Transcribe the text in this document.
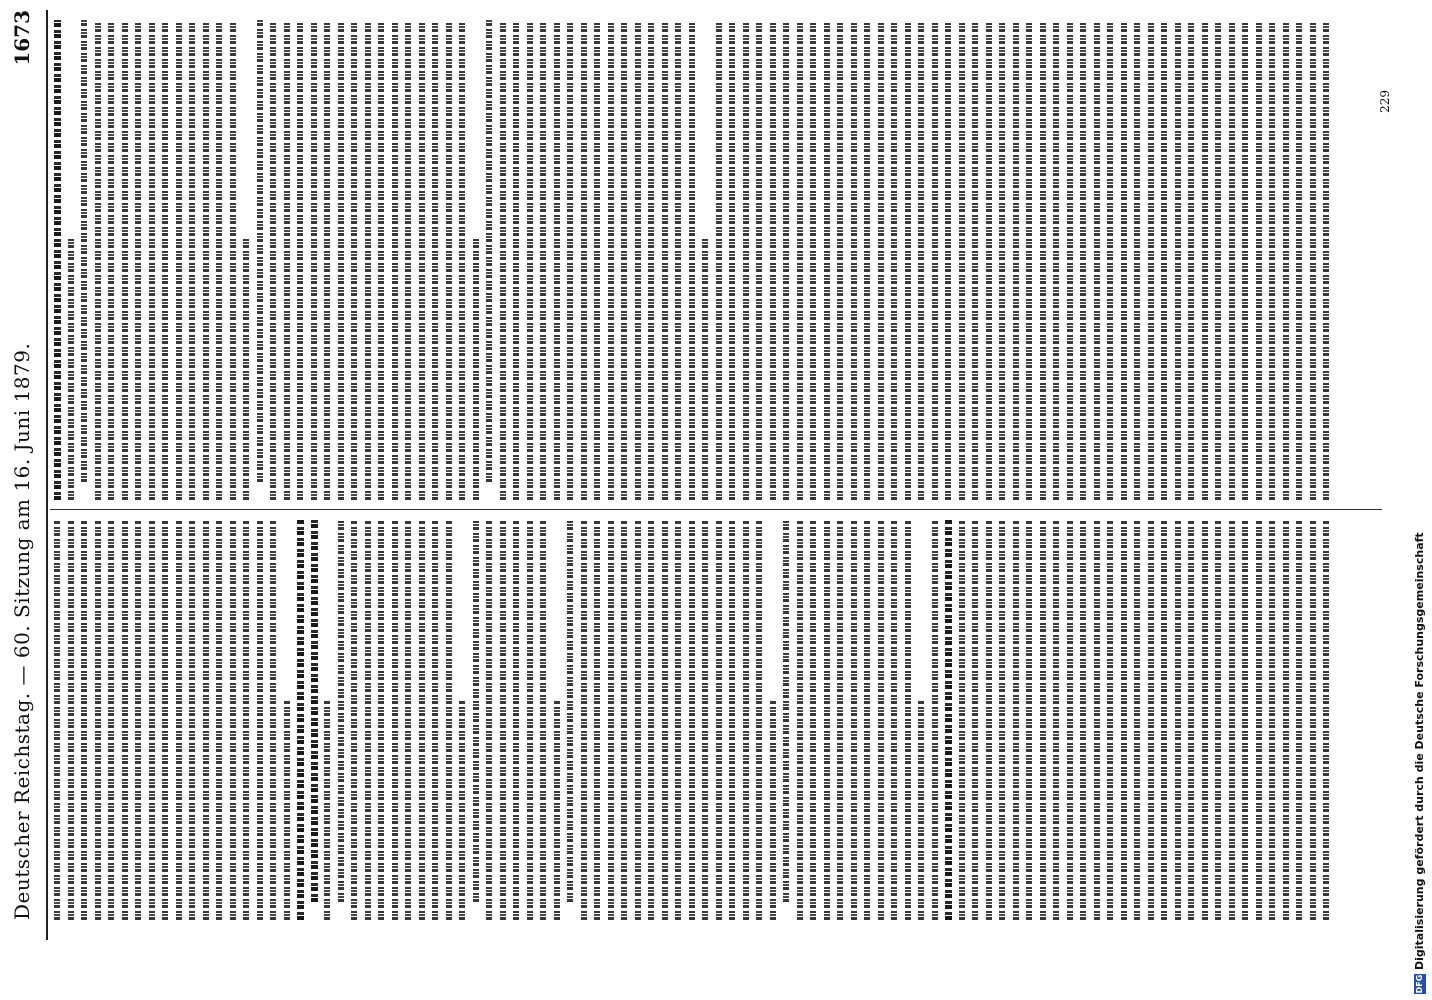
Deutscher Reichstag. — 60. Sitzung am 16. Juni 1879.
1673

229
DFG
Digitalisierung gefördert durch die Deutsche Forschungsgemeinschaft
